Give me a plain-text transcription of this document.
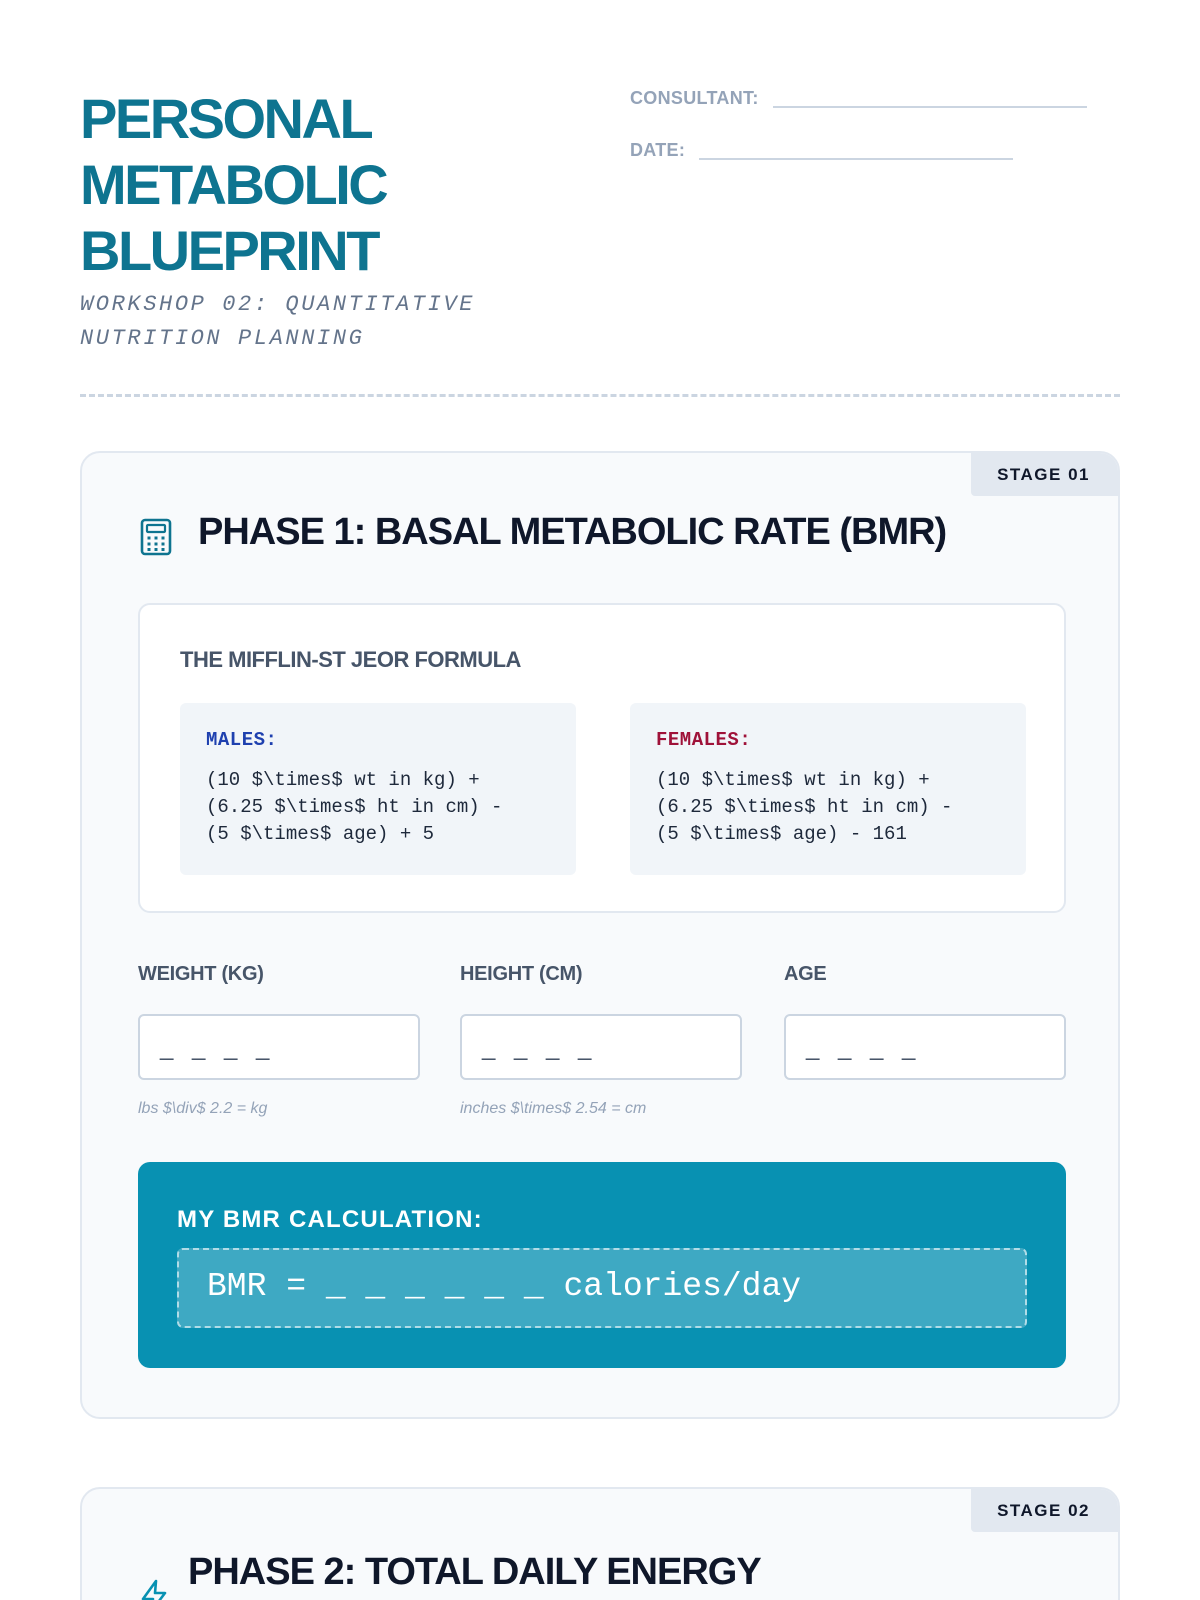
PERSONAL
METABOLIC
BLUEPRINT
WORKSHOP 02: QUANTITATIVE
NUTRITION PLANNING
CONSULTANT:
DATE:
STAGE 01
PHASE 1: BASAL METABOLIC RATE (BMR)
THE MIFFLIN-ST JEOR FORMULA
MALES:
(10 $\times$ wt in kg) +
(6.25 $\times$ ht in cm) -
(5 $\times$ age) + 5
FEMALES:
(10 $\times$ wt in kg) +
(6.25 $\times$ ht in cm) -
(5 $\times$ age) - 161
WEIGHT (KG)
_ _ _ _
lbs $\div$ 2.2 = kg
HEIGHT (CM)
_ _ _ _
inches $\times$ 2.54 = cm
AGE
_ _ _ _
MY BMR CALCULATION:
BMR = _ _ _ _ _ _ calories/day
STAGE 02
PHASE 2: TOTAL DAILY ENERGY
